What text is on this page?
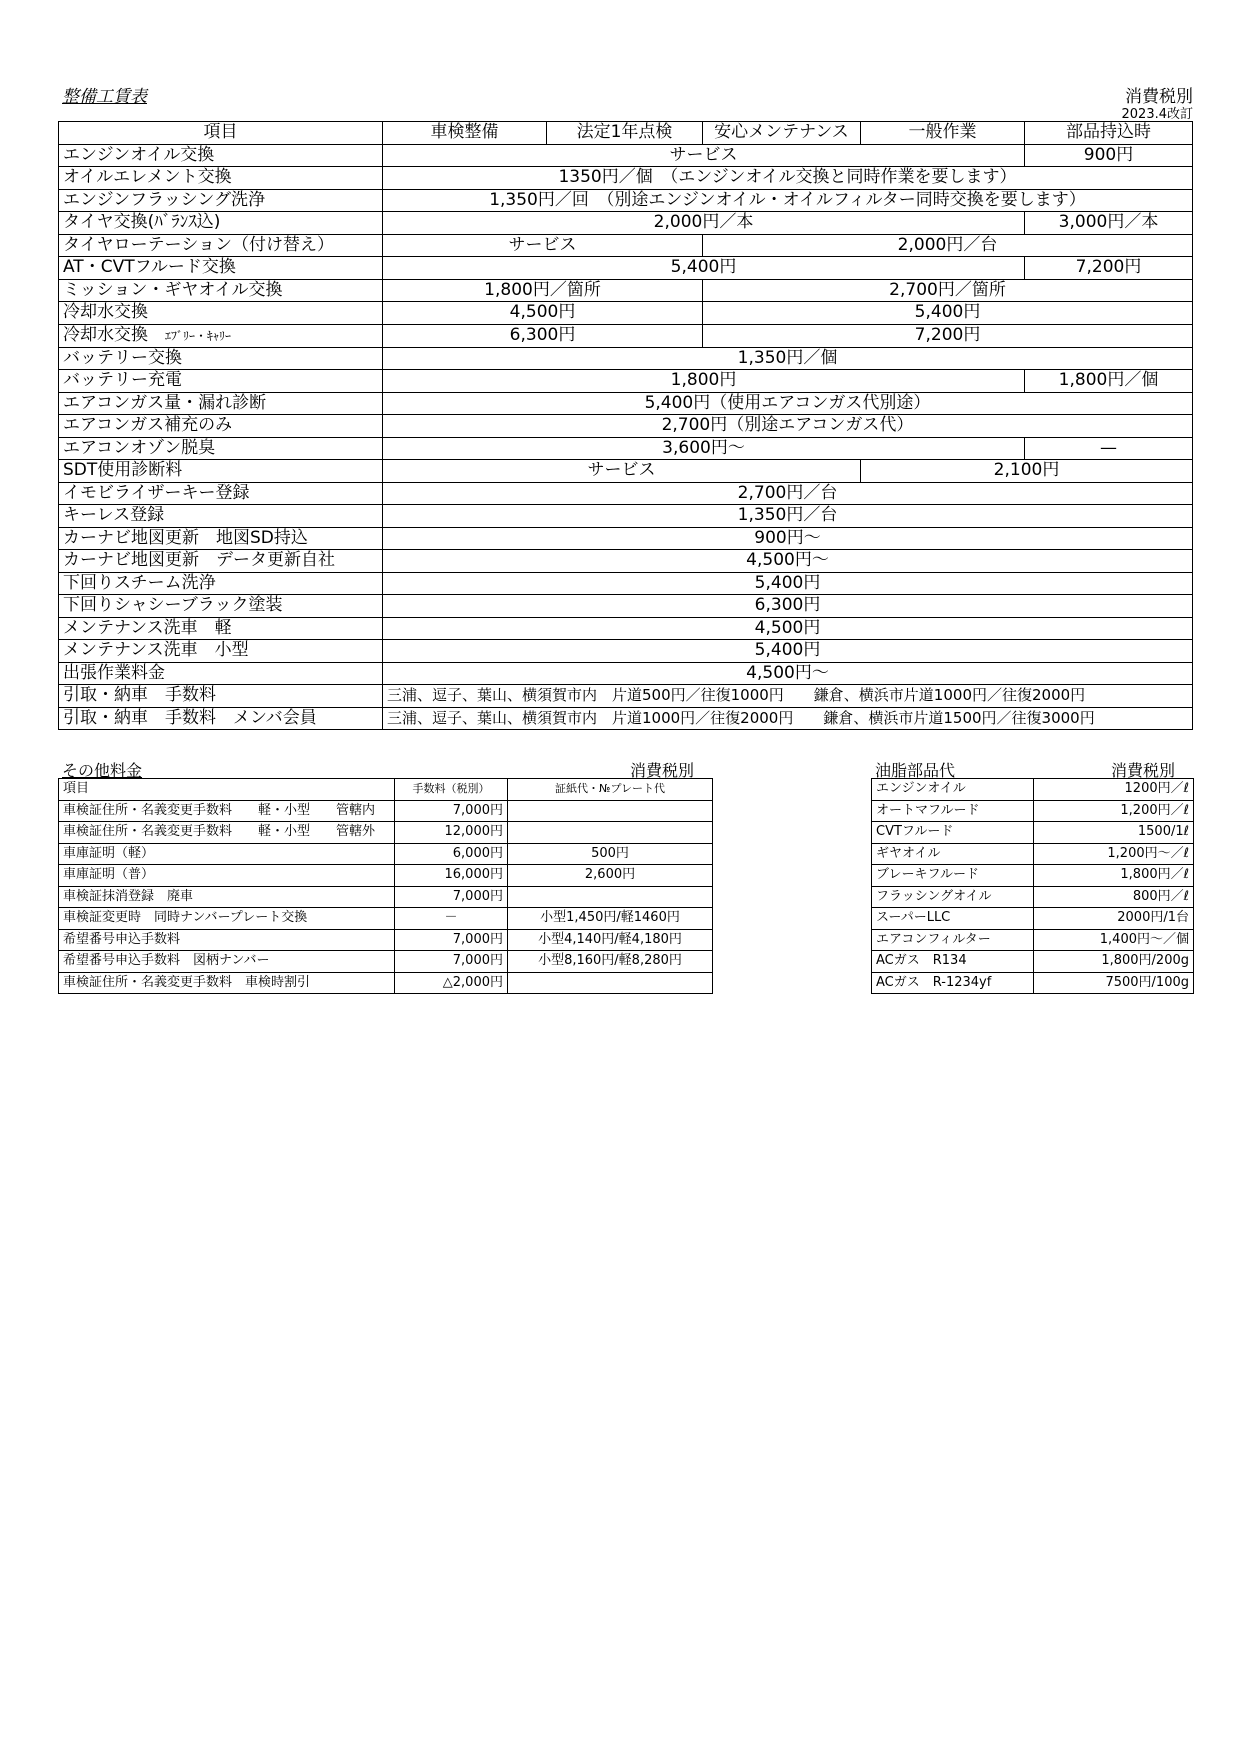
整備工賃表	消費税別
2023.4改訂
項目	車検整備	法定1年点検	安心メンテナンス	一般作業	部品持込時
エンジンオイル交換	サービス				900円
オイルエレメント交換	1350円／個　（エンジンオイル交換と同時作業を要します）				
エンジンフラッシング洗浄	1,350円／回　（別途エンジンオイル・オイルフィルター同時交換を要します）				
タイヤ交換(ﾊﾞﾗﾝｽ込)	2,000円／本				3,000円／本
タイヤローテーション（付け替え）	サービス		2,000円／台		
AT・CVTフルード交換	5,400円				7,200円
ミッション・ギヤオイル交換	1,800円／箇所		2,700円／箇所		
冷却水交換	4,500円		5,400円		
冷却水交換　 ｴﾌﾞﾘｰ・ｷｬﾘｰ	6,300円		7,200円		
バッテリー交換	1,350円／個				
バッテリー充電	1,800円				1,800円／個
エアコンガス量・漏れ診断	5,400円（使用エアコンガス代別途）				
エアコンガス補充のみ	2,700円（別途エアコンガス代）				
エアコンオゾン脱臭	3,600円～				—
SDT使用診断料	サービス			2,100円	
イモビライザーキー登録	2,700円／台				
キーレス登録	1,350円／台				
カーナビ地図更新　地図SD持込	900円～				
カーナビ地図更新　データ更新自社	4,500円～				
下回りスチーム洗浄	5,400円				
下回りシャシーブラック塗装	6,300円				
メンテナンス洗車　軽	4,500円				
メンテナンス洗車　小型	5,400円				
出張作業料金	4,500円～				
引取・納車　手数料	三浦、逗子、葉山、横須賀市内　片道500円／往復1000円　　鎌倉、横浜市片道1000円／往復2000円				
引取・納車　手数料　メンバ会員	三浦、逗子、葉山、横須賀市内　片道1000円／往復2000円　　鎌倉、横浜市片道1500円／往復3000円				
その他料金	消費税別
項目	手数料（税別）	証紙代・№プレート代
車検証住所・名義変更手数料　　軽・小型　　管轄内	7,000円	
車検証住所・名義変更手数料　　軽・小型　　管轄外	12,000円	
車庫証明（軽）	6,000円	500円
車庫証明（普）	16,000円	2,600円
車検証抹消登録　廃車	7,000円	
車検証変更時　同時ナンバープレート交換	－	小型1,450円/軽1460円
希望番号申込手数料	7,000円	小型4,140円/軽4,180円
希望番号申込手数料　図柄ナンバー	7,000円	小型8,160円/軽8,280円
車検証住所・名義変更手数料　車検時割引	△2,000円	
油脂部品代	消費税別
エンジンオイル	1200円／ℓ
オートマフルード	1,200円／ℓ
CVTフルード	1500/1ℓ
ギヤオイル	1,200円～／ℓ
ブレーキフルード	1,800円／ℓ
フラッシングオイル	800円／ℓ
スーパーLLC	2000円/1台
エアコンフィルター	1,400円～／個
ACガス　R134	1,800円/200g
ACガス　R-1234yf	7500円/100g
